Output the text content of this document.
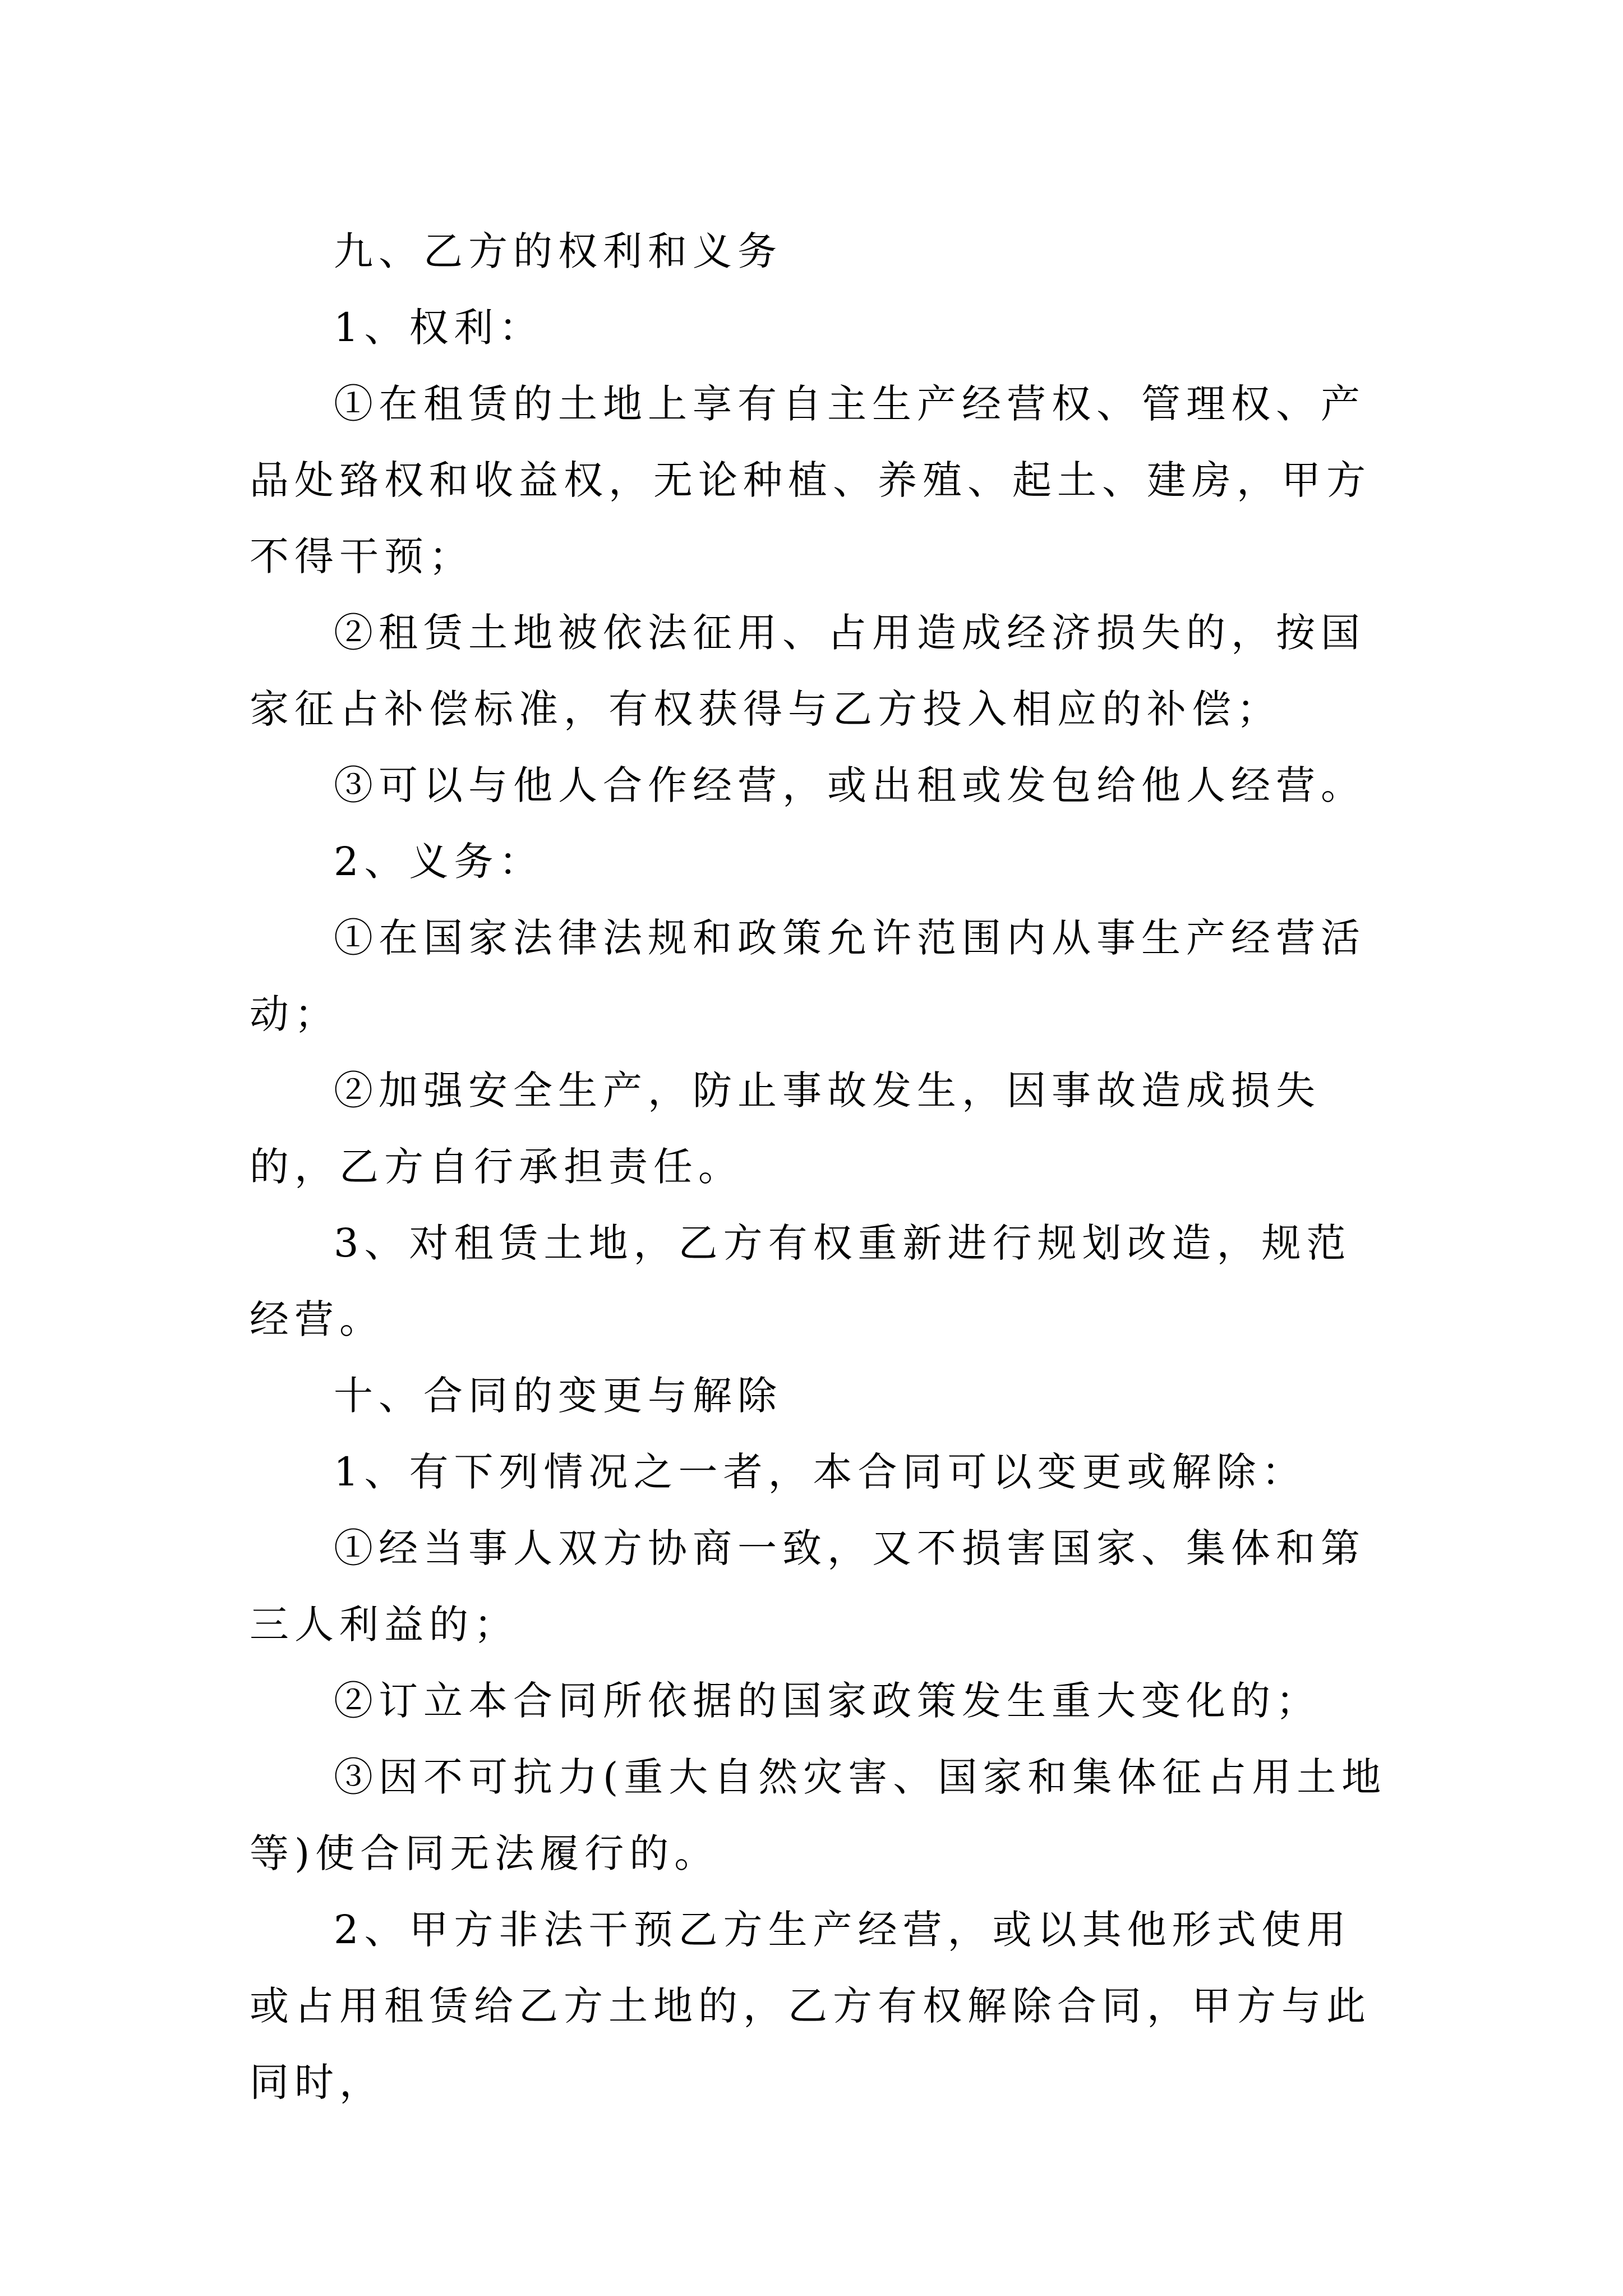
九、乙方的权利和义务

1、权利：

①在租赁的土地上享有自主生产经营权、管理权、产品处臵权和收益权，无论种植、养殖、起土、建房，甲方不得干预；

②租赁土地被依法征用、占用造成经济损失的，按国家征占补偿标准，有权获得与乙方投入相应的补偿；

③可以与他人合作经营，或出租或发包给他人经营。

2、义务：

①在国家法律法规和政策允许范围内从事生产经营活动；

②加强安全生产，防止事故发生，因事故造成损失的，乙方自行承担责任。

3、对租赁土地，乙方有权重新进行规划改造，规范经营。

十、合同的变更与解除

1、有下列情况之一者，本合同可以变更或解除：

①经当事人双方协商一致，又不损害国家、集体和第三人利益的；

②订立本合同所依据的国家政策发生重大变化的；

③因不可抗力(重大自然灾害、国家和集体征占用土地等)使合同无法履行的。

2、甲方非法干预乙方生产经营，或以其他形式使用或占用租赁给乙方土地的，乙方有权解除合同，甲方与此同时，
